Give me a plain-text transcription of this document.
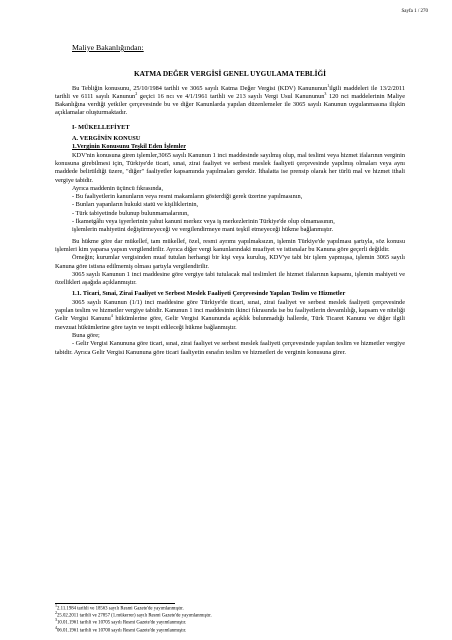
Sayfa 1 / 270
Maliye Bakanlığından:
KATMA DEĞER VERGİSİ GENEL UYGULAMA TEBLİĞİ

Bu Tebliğin konusunu, 25/10/1984 tarihli ve 3065 sayılı Katma Değer Vergisi (KDV) Kanununun$^1$ilgili maddeleri ile 13/2/2011 tarihli ve 6111 sayılı Kanunun$^2$ geçici 16 ncı ve 4/1/1961 tarihli ve 213 sayılı Vergi Usul Kanununun$^3$ 120 nci maddelerinin Maliye Bakanlığına verdiği yetkiler çerçevesinde bu ve diğer Kanunlarda yapılan düzenlemeler ile 3065 sayılı Kanunun uygulanmasına ilişkin açıklamalar oluşturmaktadır.

I- MÜKELLEFİYET
A. VERGİNİN KONUSU
1.Verginin Konusunu Teşkil Eden İşlemler

KDV'nin konusuna giren işlemler,3065 sayılı Kanunun 1 inci maddesinde sayılmış olup, mal teslimi veya hizmet ifalarının verginin konusuna girebilmesi için, Türkiye'de ticari, sınai, zirai faaliyet ve serbest meslek faaliyeti çerçevesinde yapılmış olmaları veya aynı maddede belirtildiği üzere, "diğer" faaliyetler kapsamında yapılmaları gerekir. İthalatta ise prensip olarak her türlü mal ve hizmet ithali vergiye tabidir.

Ayrıca maddenin üçüncü fıkrasında,

- Bu faaliyetlerin kanunların veya resmi makamların gösterdiği gerek üzerine yapılmasının,

- Bunları yapanların hukuki statü ve kişiliklerinin,

- Türk tabiyetinde bulunup bulunmamalarının,

- İkametgâhı veya işyerlerinin yahut kanuni merkez veya iş merkezlerinin Türkiye'de olup olmamasının,

işlemlerin mahiyetini değiştirmeyeceği ve vergilendirmeye mani teşkil etmeyeceği hükme bağlanmıştır.

Bu hükme göre dar mükellef, tam mükellef, özel, resmi ayrımı yapılmaksızın, işlemin Türkiye'de yapılması şartıyla, söz konusu işlemleri kim yaparsa yapsın vergilendirilir. Ayrıca diğer vergi kanunlarındaki muafiyet ve istisnalar bu Kanuna göre geçerli değildir.

Örneğin; kurumlar vergisinden muaf tutulan herhangi bir kişi veya kuruluş, KDV'ye tabi bir işlem yapmışsa, işlemin 3065 sayılı Kanuna göre istisna edilmemiş olması şartıyla vergilendirilir.

3065 sayılı Kanunun 1 inci maddesine göre vergiye tabi tutulacak mal teslimleri ile hizmet ifalarının kapsamı, işlemin mahiyeti ve özellikleri aşağıda açıklanmıştır.

1.1. Ticari, Sınai, Zirai Faaliyet ve Serbest Meslek Faaliyeti Çerçevesinde Yapılan Teslim ve Hizmetler

3065 sayılı Kanunun (1/1) inci maddesine göre Türkiye'de ticari, sınai, zirai faaliyet ve serbest meslek faaliyeti çerçevesinde yapılan teslim ve hizmetler vergiye tabidir. Kanunun 1 inci maddesinin ikinci fıkrasında ise bu faaliyetlerin devamlılığı, kapsam ve niteliği Gelir Vergisi Kanunu$^4$ hükümlerine göre, Gelir Vergisi Kanununda açıklık bulunmadığı hallerde, Türk Ticaret Kanunu ve diğer ilgili mevzuat hükümlerine göre tayin ve tespit edileceği hükme bağlanmıştır.

Buna göre;

- Gelir Vergisi Kanununa göre ticari, sınai, zirai faaliyet ve serbest meslek faaliyeti çerçevesinde yapılan teslim ve hizmetler vergiye tabidir. Ayrıca Gelir Vergisi Kanununa göre ticari faaliyetin esnafın teslim ve hizmetleri de verginin konusuna girer.

$^1$2.11.1984 tarihli ve 18563 sayılı Resmi Gazete'de yayımlanmıştır.
$^2$25.02.2011 tarihli ve 27857 (1.mükerrer) sayılı Resmi Gazete'de yayımlanmıştır.
$^3$10.01.1961 tarihli ve 10705 sayılı Resmi Gazete'de yayımlanmıştır.
$^4$06.01.1961 tarihli ve 10700 sayılı Resmi Gazete'de yayımlanmıştır.
